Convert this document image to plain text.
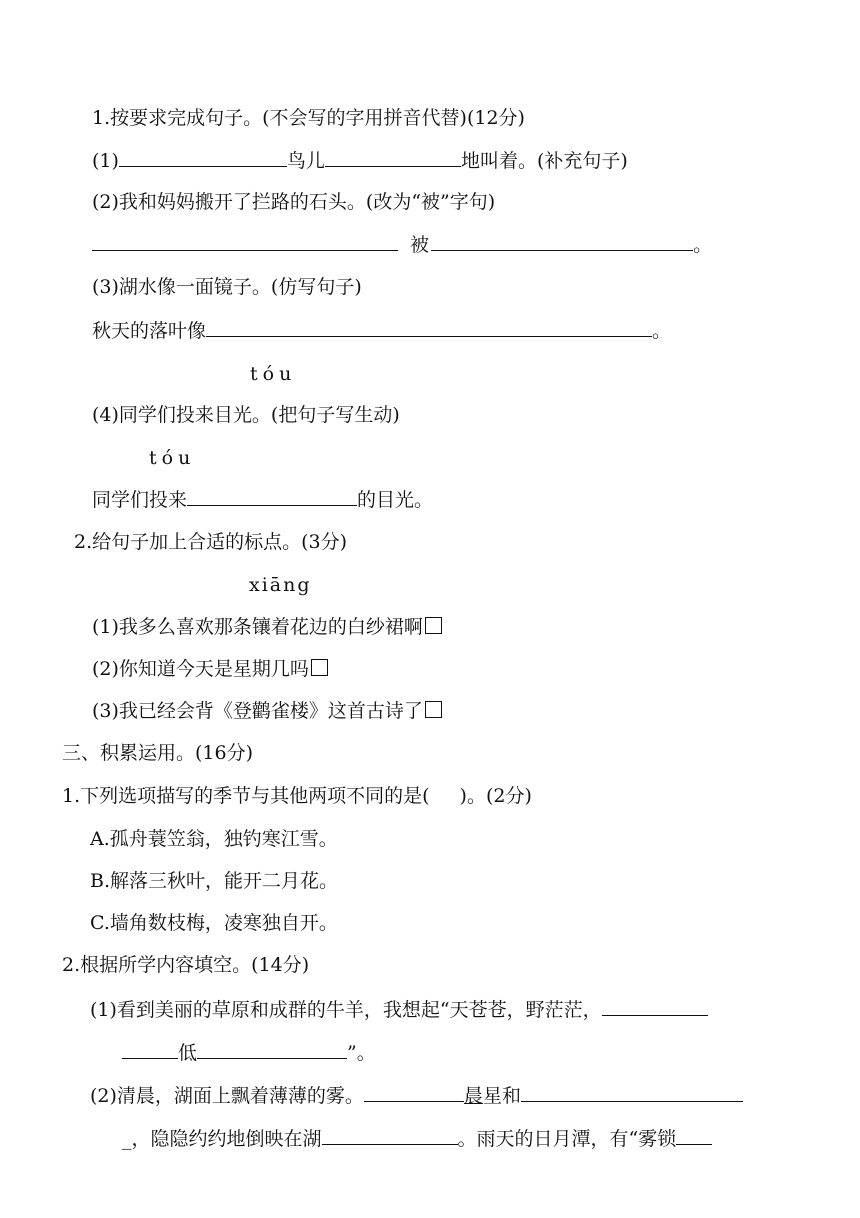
1.按要求完成句子。(不会写的字用拼音代替)(12分)
(1)	鸟儿	地叫着。(补充句子)
(2)我和妈妈搬开了拦路的石头。(改为“被”字句)
被	。
(3)湖水像一面镜子。(仿写句子)
秋天的落叶像	。
tóu
(4)同学们投来目光。(把句子写生动)
tóu
同学们投来	的目光。
2.给句子加上合适的标点。(3分)
xiāng
(1)我多么喜欢那条镶着花边的白纱裙啊
(2)你知道今天是星期几吗
(3)我已经会背《登鹳雀楼》这首古诗了
三、积累运用。(16分)
1.下列选项描写的季节与其他两项不同的是( )。(2分)
A.孤舟蓑笠翁，独钓寒江雪。
B.解落三秋叶，能开二月花。
C.墙角数枝梅，凌寒独自开。
2.根据所学内容填空。(14分)
(1)看到美丽的草原和成群的牛羊，我想起“天苍苍，野茫茫，
低	”。
(2)清晨，湖面上飘着薄薄的雾。	晨星和
_，隐隐约约地倒映在湖	。雨天的日月潭，有“雾锁
